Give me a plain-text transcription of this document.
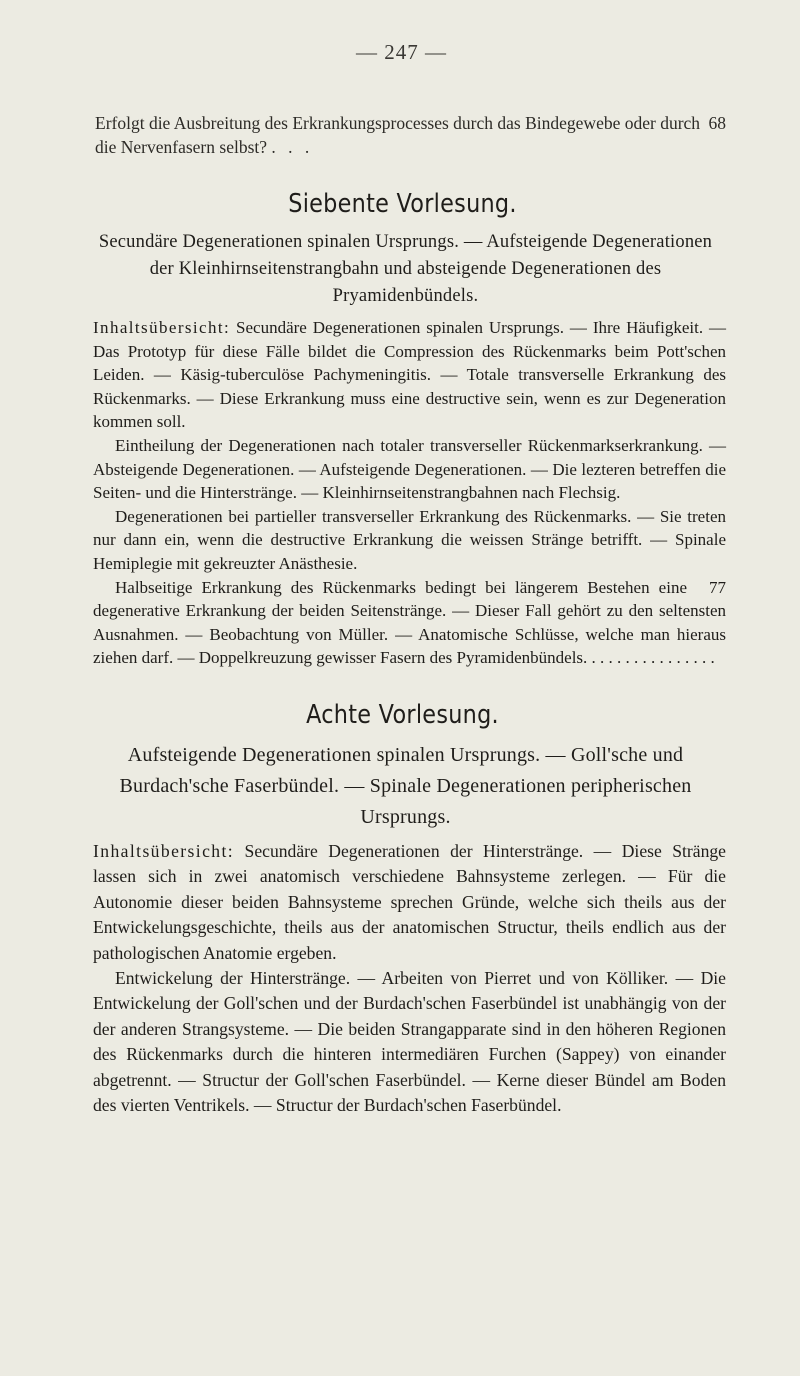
— 247 —
68
Erfolgt die Ausbreitung des Erkrankungsprocesses durch das Bindegewebe oder durch die Nervenfasern selbst? . . .
Siebente Vorlesung.
Secundäre Degenerationen spinalen Ursprungs. — Aufsteigende Degenerationen der Kleinhirnseitenstrangbahn und absteigende Degenerationen des Pryamidenbündels.

Inhaltsübersicht: Secundäre Degenerationen spinalen Ursprungs. — Ihre Häufigkeit. — Das Prototyp für diese Fälle bildet die Compression des Rückenmarks beim Pott'schen Leiden. — Käsig-tuberculöse Pachymeningitis. — Totale transverselle Erkrankung des Rückenmarks. — Diese Erkrankung muss eine destructive sein, wenn es zur Degeneration kommen soll.

Eintheilung der Degenerationen nach totaler transverseller Rückenmarkserkrankung. — Absteigende Degenerationen. — Aufsteigende Degenerationen. — Die lezteren betreffen die Seiten- und die Hinterstränge. — Kleinhirnseitenstrangbahnen nach Flechsig.

Degenerationen bei partieller transverseller Erkrankung des Rückenmarks. — Sie treten nur dann ein, wenn die destructive Erkrankung die weissen Stränge betrifft. — Spinale Hemiplegie mit gekreuzter Anästhesie.

77
Halbseitige Erkrankung des Rückenmarks bedingt bei längerem Bestehen eine degenerative Erkrankung der beiden Seitenstränge. — Dieser Fall gehört zu den seltensten Ausnahmen. — Beobachtung von Müller. — Anatomische Schlüsse, welche man hieraus ziehen darf. — Doppelkreuzung gewisser Fasern des Pyramidenbündels. . . . . . . . . . . . . . . .

Achte Vorlesung.
Aufsteigende Degenerationen spinalen Ursprungs. — Goll'sche und Burdach'sche Faserbündel. — Spinale Degenerationen peripherischen Ursprungs.

Inhaltsübersicht: Secundäre Degenerationen der Hinterstränge. — Diese Stränge lassen sich in zwei anatomisch verschiedene Bahnsysteme zerlegen. — Für die Autonomie dieser beiden Bahnsysteme sprechen Gründe, welche sich theils aus der Entwickelungsgeschichte, theils aus der anatomischen Structur, theils endlich aus der pathologischen Anatomie ergeben.

Entwickelung der Hinterstränge. — Arbeiten von Pierret und von Kölliker. — Die Entwickelung der Goll'schen und der Burdach'schen Faserbündel ist unabhängig von der der anderen Strangsysteme. — Die beiden Strangapparate sind in den höheren Regionen des Rückenmarks durch die hinteren intermediären Furchen (Sappey) von einander abgetrennt. — Structur der Goll'schen Faserbündel. — Kerne dieser Bündel am Boden des vierten Ventrikels. — Structur der Burdach'schen Faserbündel.
